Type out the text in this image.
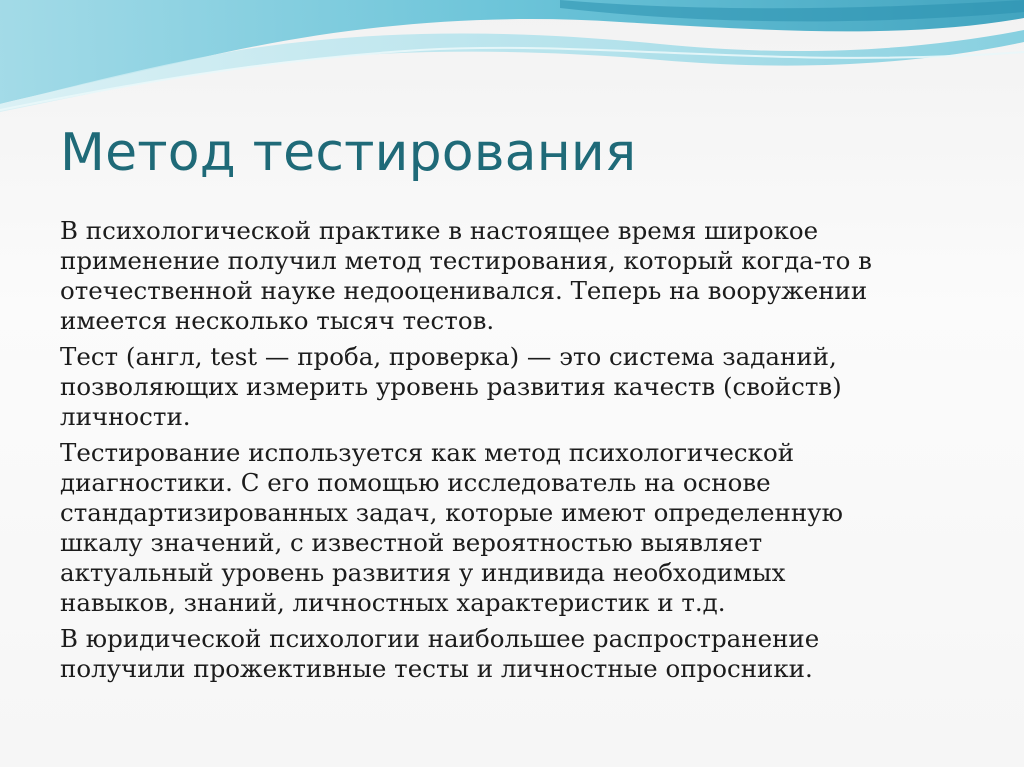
Метод тестирования

В психологической практике в настоящее время широкое
применение получил метод тестирования, который когда-то в
отечественной науке недооценивался. Теперь на вооружении
имеется несколько тысяч тестов.

Тест (англ, test — проба, проверка) — это система заданий,
позволяющих измерить уровень развития качеств (свойств)
личности.

Тестирование используется как метод психологической
диагностики. С его помощью исследователь на основе
стандартизированных задач, которые имеют определенную
шкалу значений, с известной вероятностью выявляет
актуальный уровень развития у индивида необходимых
навыков, знаний, личностных характеристик и т.д.

В юридической психологии наибольшее распространение
получили прожективные тесты и личностные опросники.
